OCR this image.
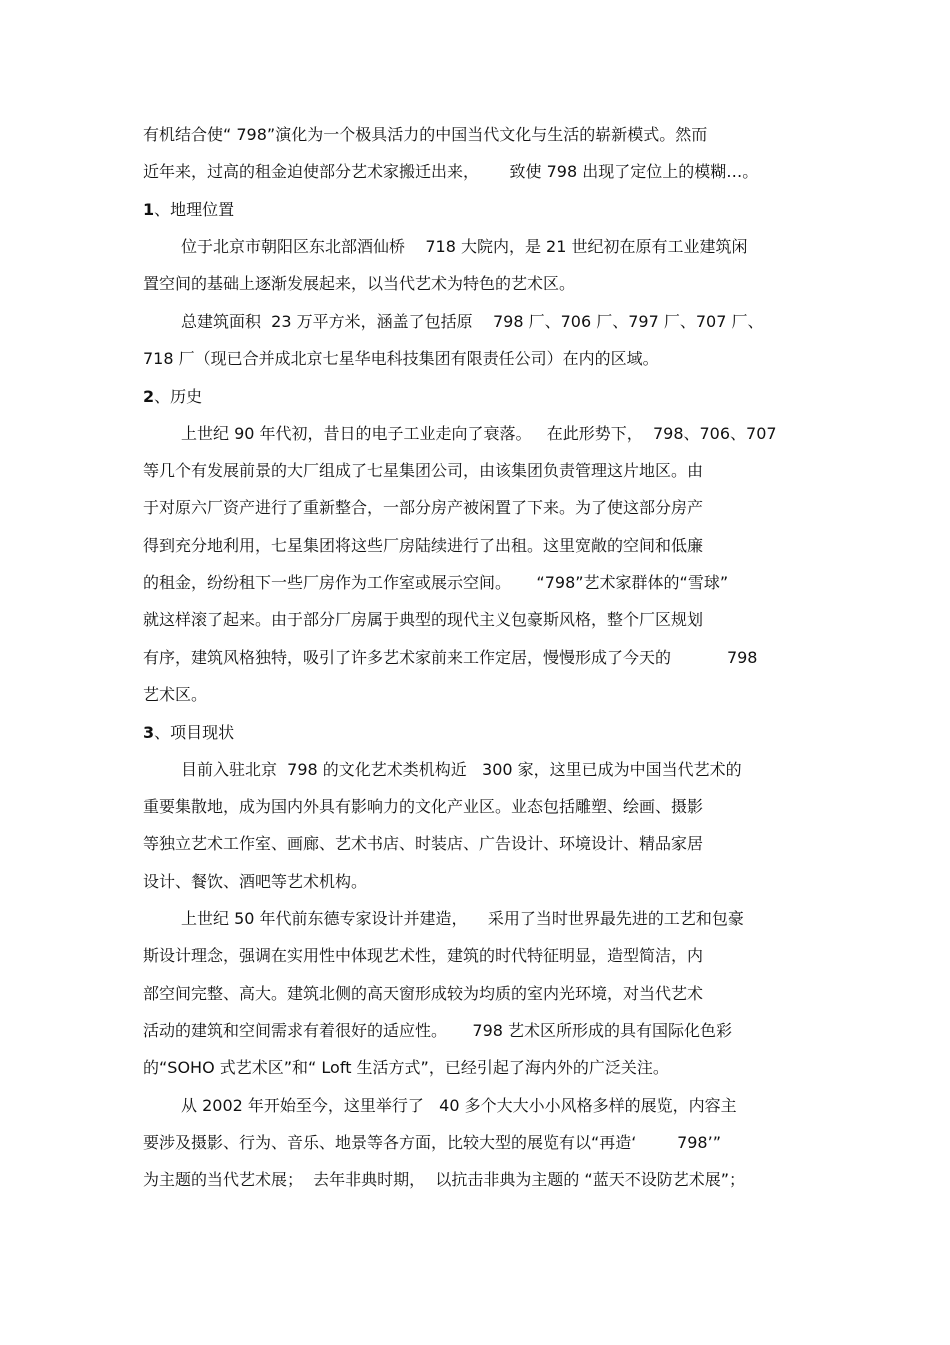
有机结合使“ 798”演化为一个极具活力的中国当代文化与生活的崭新模式。然而
近年来，过高的租金迫使部分艺术家搬迁出来，      致使 798 出现了定位上的模糊…。
1、地理位置
位于北京市朝阳区东北部酒仙桥    718 大院内，是 21 世纪初在原有工业建筑闲
置空间的基础上逐渐发展起来，以当代艺术为特色的艺术区。
总建筑面积  23 万平方米，涵盖了包括原    798 厂、706 厂、797 厂、707 厂、
718 厂（现已合并成北京七星华电科技集团有限责任公司）在内的区域。
2、历史
上世纪 90 年代初，昔日的电子工业走向了衰落。   在此形势下，  798、706、707
等几个有发展前景的大厂组成了七星集团公司，由该集团负责管理这片地区。由
于对原六厂资产进行了重新整合，一部分房产被闲置了下来。为了使这部分房产
得到充分地利用，七星集团将这些厂房陆续进行了出租。这里宽敞的空间和低廉
的租金，纷纷租下一些厂房作为工作室或展示空间。     “798”艺术家群体的“雪球”
就这样滚了起来。由于部分厂房属于典型的现代主义包豪斯风格，整个厂区规划
有序，建筑风格独特，吸引了许多艺术家前来工作定居，慢慢形成了今天的           798
艺术区。
3、项目现状
目前入驻北京  798 的文化艺术类机构近   300 家，这里已成为中国当代艺术的
重要集散地，成为国内外具有影响力的文化产业区。业态包括雕塑、绘画、摄影
等独立艺术工作室、画廊、艺术书店、时装店、广告设计、环境设计、精品家居
设计、餐饮、酒吧等艺术机构。
上世纪 50 年代前东德专家设计并建造，    采用了当时世界最先进的工艺和包豪
斯设计理念，强调在实用性中体现艺术性，建筑的时代特征明显，造型简洁，内
部空间完整、高大。建筑北侧的高天窗形成较为均质的室内光环境，对当代艺术
活动的建筑和空间需求有着很好的适应性。     798 艺术区所形成的具有国际化色彩
的“SOHO 式艺术区”和“ Loft 生活方式”，已经引起了海内外的广泛关注。
从 2002 年开始至今，这里举行了   40 多个大大小小风格多样的展览，内容主
要涉及摄影、行为、音乐、地景等各方面，比较大型的展览有以“再造‘        798’”
为主题的当代艺术展；  去年非典时期，  以抗击非典为主题的 “蓝天不设防艺术展”；
